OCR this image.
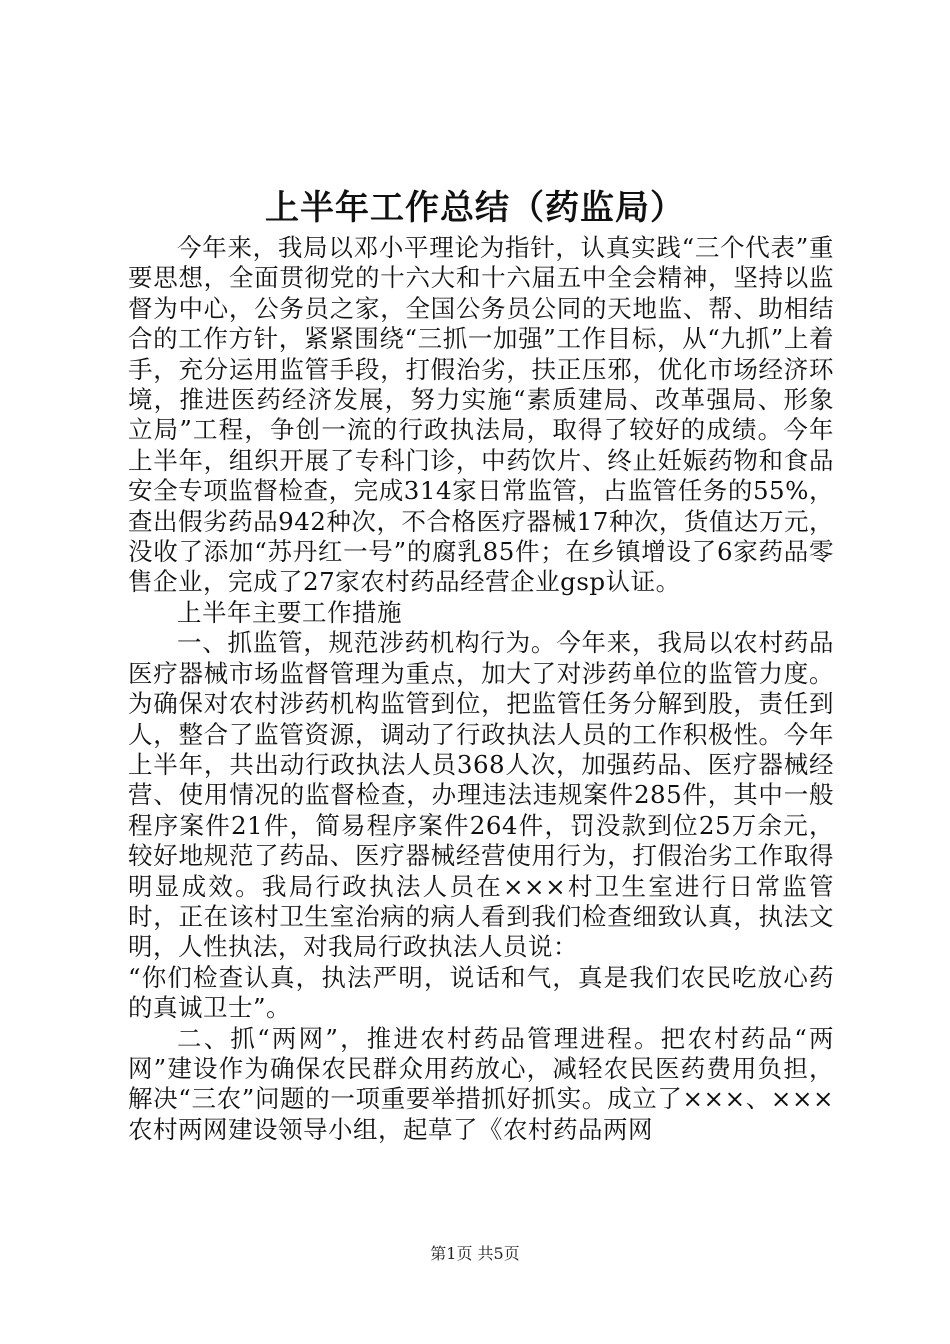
上半年工作总结（药监局）

今年来，我局以邓小平理论为指针，认真实践“三个代表”重要思想，全面贯彻党的十六大和十六届五中全会精神，坚持以监督为中心，公务员之家，全国公务员公同的天地监、帮、助相结合的工作方针，紧紧围绕“三抓一加强”工作目标，从“九抓”上着手，充分运用监管手段，打假治劣，扶正压邪，优化市场经济环境，推进医药经济发展，努力实施“素质建局、改革强局、形象立局”工程，争创一流的行政执法局，取得了较好的成绩。今年上半年，组织开展了专科门诊，中药饮片、终止妊娠药物和食品安全专项监督检查，完成314家日常监管，占监管任务的55%，查出假劣药品942种次，不合格医疗器械17种次，货值达万元，没收了添加“苏丹红一号”的腐乳85件；在乡镇增设了6家药品零售企业，完成了27家农村药品经营企业gsp认证。

上半年主要工作措施

一、抓监管，规范涉药机构行为。今年来，我局以农村药品医疗器械市场监督管理为重点，加大了对涉药单位的监管力度。为确保对农村涉药机构监管到位，把监管任务分解到股，责任到人，整合了监管资源，调动了行政执法人员的工作积极性。今年上半年，共出动行政执法人员368人次，加强药品、医疗器械经营、使用情况的监督检查，办理违法违规案件285件，其中一般程序案件21件，简易程序案件264件，罚没款到位25万余元，较好地规范了药品、医疗器械经营使用行为，打假治劣工作取得明显成效。我局行政执法人员在×××村卫生室进行日常监管时，正在该村卫生室治病的病人看到我们检查细致认真，执法文明，人性执法，对我局行政执法人员说：

“你们检查认真，执法严明，说话和气，真是我们农民吃放心药的真诚卫士”。

二、抓“两网”，推进农村药品管理进程。把农村药品“两网”建设作为确保农民群众用药放心，减轻农民医药费用负担，解决“三农”问题的一项重要举措抓好抓实。成立了×××、×××农村两网建设领导小组，起草了《农村药品两网

第1页 共5页
